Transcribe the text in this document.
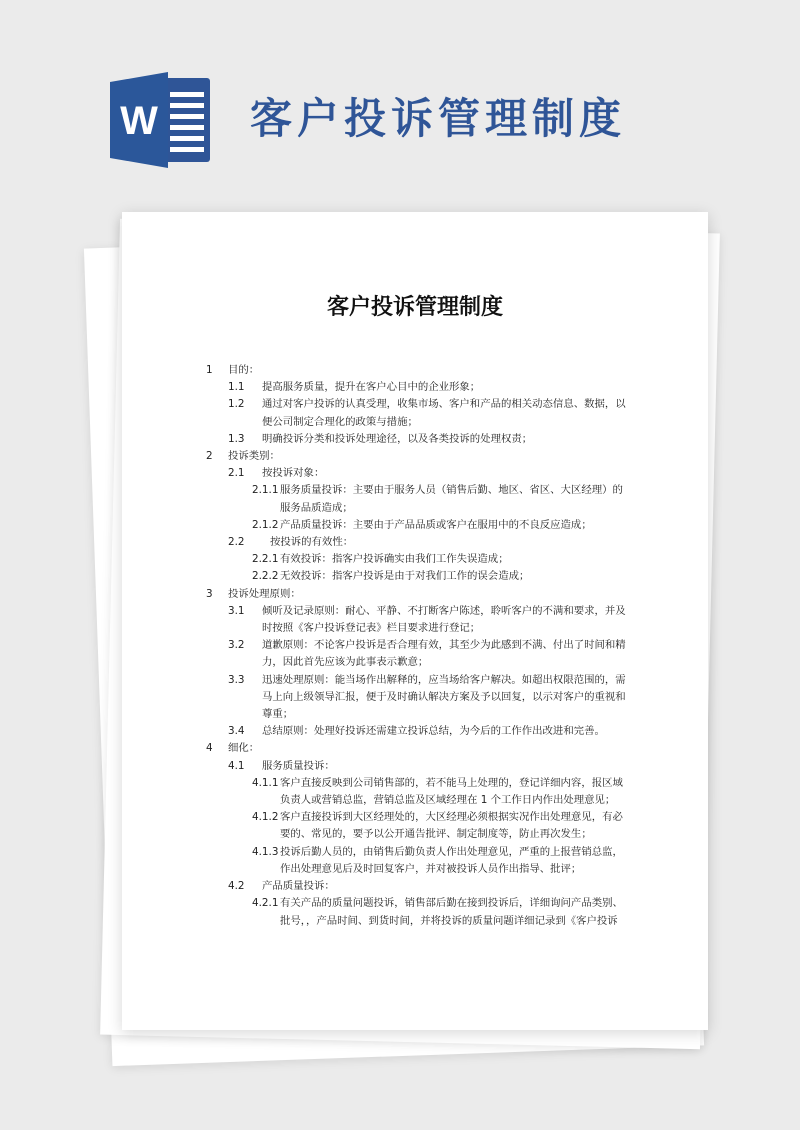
W 客户投诉管理制度
客户投诉管理制度
1	目的：
1.1	提高服务质量，提升在客户心目中的企业形象；
1.2	通过对客户投诉的认真受理，收集市场、客户和产品的相关动态信息、数据，以便公司制定合理化的政策与措施；
1.3	明确投诉分类和投诉处理途径，以及各类投诉的处理权责；
2	投诉类别：
2.1	按投诉对象：
2.1.1 服务质量投诉：主要由于服务人员（销售后勤、地区、省区、大区经理）的服务品质造成；
2.1.2 产品质量投诉：主要由于产品品质或客户在服用中的不良反应造成；
2.2	按投诉的有效性：
2.2.1 有效投诉：指客户投诉确实由我们工作失误造成；
2.2.2 无效投诉：指客户投诉是由于对我们工作的误会造成；
3	投诉处理原则：
3.1	倾听及记录原则：耐心、平静、不打断客户陈述，聆听客户的不满和要求，并及时按照《客户投诉登记表》栏目要求进行登记；
3.2	道歉原则：不论客户投诉是否合理有效，其至少为此感到不满、付出了时间和精力，因此首先应该为此事表示歉意；
3.3	迅速处理原则：能当场作出解释的，应当场给客户解决。如超出权限范围的，需马上向上级领导汇报，便于及时确认解决方案及予以回复，以示对客户的重视和尊重；
3.4	总结原则：处理好投诉还需建立投诉总结，为今后的工作作出改进和完善。
4	细化：
4.1	服务质量投诉：
4.1.1 客户直接反映到公司销售部的，若不能马上处理的，登记详细内容，报区域负责人或营销总监，营销总监及区域经理在 1 个工作日内作出处理意见；
4.1.2 客户直接投诉到大区经理处的，大区经理必须根据实况作出处理意见，有必要的、常见的，要予以公开通告批评、制定制度等，防止再次发生；
4.1.3 投诉后勤人员的，由销售后勤负责人作出处理意见，严重的上报营销总监，作出处理意见后及时回复客户，并对被投诉人员作出指导、批评；
4.2	产品质量投诉：
4.2.1 有关产品的质量问题投诉，销售部后勤在接到投诉后，详细询问产品类别、批号，，产品时间、到货时间，并将投诉的质量问题详细记录到《客户投诉
